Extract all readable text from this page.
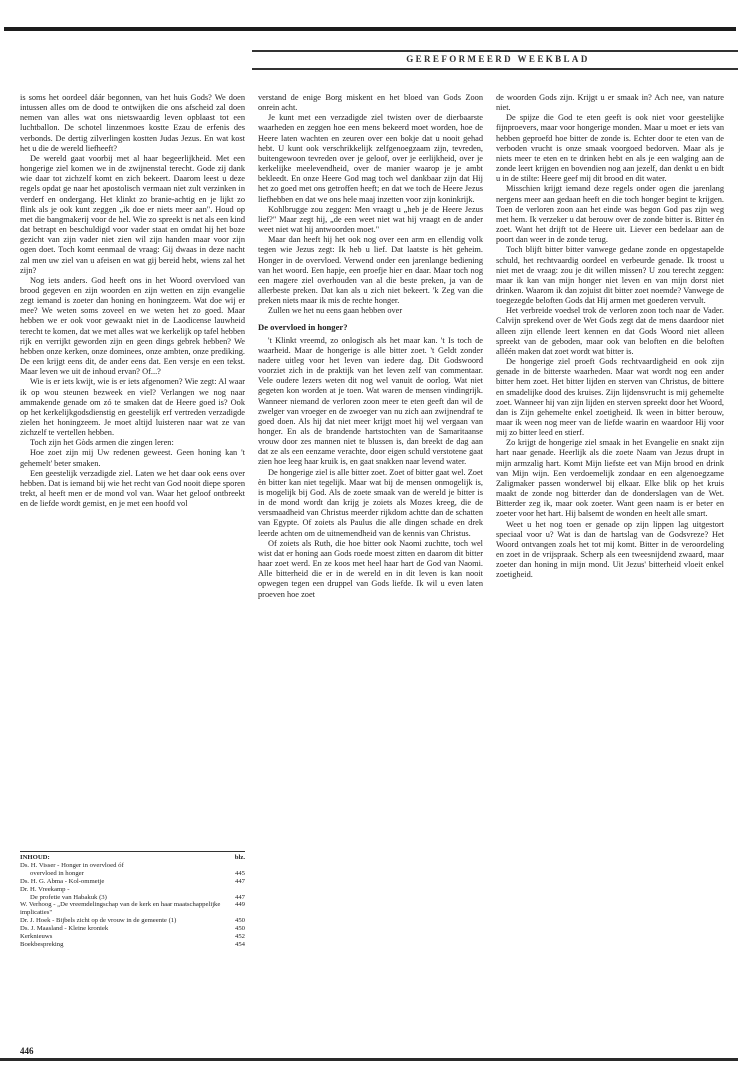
GEREFORMEERD WEEKBLAD

is soms het oordeel dáár begonnen, van het huis Gods? We doen intussen alles om de dood te ontwijken die ons afscheid zal doen nemen van alles wat ons nietswaardig leven opblaast tot een luchtballon. De schotel linzenmoes kostte Ezau de erfenis des verbonds. De dertig zilverlingen kostten Judas Jezus. En wat kost het u die de wereld liefheeft?

De wereld gaat voorbij met al haar begeerlijkheid. Met een hongerige ziel komen we in de zwijnenstal terecht. Gode zij dank wie daar tot zichzelf komt en zich bekeert. Daarom leest u deze regels opdat ge naar het apostolisch vermaan niet zult verzinken in verderf en ondergang. Het klinkt zo branie-achtig en je lijkt zo flink als je ook kunt zeggen „ik doe er niets meer aan". Houd op met die bangmakerij voor de hel. Wie zo spreekt is net als een kind dat betrapt en beschuldigd voor vader staat en omdat hij het boze gezicht van zijn vader niet zien wil zijn handen maar voor zijn ogen doet. Toch komt eenmaal de vraag: Gij dwaas in deze nacht zal men uw ziel van u afeisen en wat gij bereid hebt, wiens zal het zijn?

Nog iets anders. God heeft ons in het Woord overvloed van brood gegeven en zijn woorden en zijn wetten en zijn evangelie zegt iemand is zoeter dan honing en honingzeem. Wat doe wij er mee? We weten soms zoveel en we weten het zo goed. Maar hebben we er ook voor gewaakt niet in de Laodicense lauwheid terecht te komen, dat we met alles wat we kerkelijk op tafel hebben rijk en verrijkt geworden zijn en geen dings gebrek hebben? We hebben onze kerken, onze dominees, onze ambten, onze prediking. De een krijgt eens dit, de ander eens dat. Een versje en een tekst. Maar leven we uit de inhoud ervan? Of...?

Wie is er iets kwijt, wie is er iets afgenomen? Wie zegt: Al waar ik op wou steunen bezweek en viel? Verlangen we nog naar ammakende genade om zó te smaken dat de Heere goed is? Ook op het kerkelijkgodsdienstig en geestelijk erf vertreden verzadigde zielen het honingzeem. Je moet altijd luisteren naar wat ze van zichzelf te vertellen hebben.

Toch zijn het Gòds armen die zingen leren:

Hoe zoet zijn mij Uw redenen geweest. Geen honing kan 't gehemelt' beter smaken.

Een geestelijk verzadigde ziel. Laten we het daar ook eens over hebben. Dat is iemand bij wie het recht van God nooit diepe sporen trekt, al heeft men er de mond vol van. Waar het geloof ontbreekt en de liefde wordt gemist, en je met een hoofd vol

verstand de enige Borg miskent en het bloed van Gods Zoon onrein acht.

Je kunt met een verzadigde ziel twisten over de dierbaarste waarheden en zeggen hoe een mens bekeerd moet worden, hoe de Heere laten wachten en zeuren over een bokje dat u nooit gehad hebt. U kunt ook verschrikkelijk zelfgenoegzaam zijn, tevreden, buitengewoon tevreden over je geloof, over je eerlijkheid, over je kerkelijke meelevendheid, over de manier waarop je je ambt bekleedt. En onze Heere God mag toch wel dankbaar zijn dat Hij het zo goed met ons getroffen heeft; en dat we toch de Heere Jezus liefhebben en dat we ons hele maaj inzetten voor zijn koninkrijk.

Kohlbrugge zou zeggen: Men vraagt u „heb je de Heere Jezus lief?" Maar zegt hij, „de een weet niet wat hij vraagt en de ander weet niet wat hij antwoorden moet."

Maar dan heeft hij het ook nog over een arm en ellendig volk tegen wie Jezus zegt: Ik heb u lief. Dat laatste is hèt geheim. Honger in de overvloed. Verwend onder een jarenlange bediening van het woord. Een hapje, een proefje hier en daar. Maar toch nog een magere ziel overhouden van al die beste preken, ja van de allerbeste preken. Dat kan als u zich niet bekeert. 'k Zeg van die preken niets maar ik mis de rechte honger.

Zullen we het nu eens gaan hebben over

De overvloed in honger?

't Klinkt vreemd, zo onlogisch als het maar kan. 't Is toch de waarheid. Maar de hongerige is alle bitter zoet. 't Geldt zonder nadere uitleg voor het leven van iedere dag. Dit Godswoord voorziet zich in de praktijk van het leven zelf van commentaar. Vele oudere lezers weten dit nog wel vanuit de oorlog. Wat niet gegeten kon worden at je toen. Wat waren de mensen vindingrijk. Wanneer niemand de verloren zoon meer te eten geeft dan wil de zwelger van vroeger en de zwoeger van nu zich aan zwijnendraf te goed doen. Als hij dat niet meer krijgt moet hij wel vergaan van honger. En als de brandende hartstochten van de Samaritaanse vrouw door zes mannen niet te blussen is, dan breekt de dag aan dat ze als een eenzame verachte, door eigen schuld verstotene gaat zien hoe leeg haar kruik is, en gaat snakken naar levend water.

De hongerige ziel is alle bitter zoet. Zoet of bitter gaat wel. Zoet èn bitter kan niet tegelijk. Maar wat bij de mensen onmogelijk is, is mogelijk bij God. Als de zoete smaak van de wereld je bitter is in de mond wordt dan krijg je zoiets als Mozes kreeg, die de versmaadheid van Christus meerder rijkdom achtte dan de schatten van Egypte. Of zoiets als Paulus die alle dingen schade en drek leerde achten om de uitnemendheid van de kennis van Christus.

Of zoiets als Ruth, die hoe bitter ook Naomi zuchtte, toch wel wist dat er honing aan Gods roede moest zitten en daarom dit bitter haar zoet werd. En ze koos met heel haar hart de God van Naomi. Alle bitterheid die er in de wereld en in dit leven is kan nooit opwegen tegen een druppel van Gods liefde. Ik wil u even laten proeven hoe zoet

de woorden Gods zijn. Krijgt u er smaak in? Ach nee, van nature niet.

De spijze die God te eten geeft is ook niet voor geestelijke fijnproevers, maar voor hongerige monden. Maar u moet er iets van hebben geproefd hoe bitter de zonde is. Echter door te eten van de verboden vrucht is onze smaak voorgoed bedorven. Maar als je niets meer te eten en te drinken hebt en als je een walging aan de zonde leert krijgen en bovendien nog aan jezelf, dan denkt u en bidt u in de stilte: Heere geef mij dit brood en dit water.

Misschien krijgt iemand deze regels onder ogen die jarenlang nergens meer aan gedaan heeft en die toch honger begint te krijgen. Toen de verloren zoon aan het einde was begon God pas zijn weg met hem. Ik verzeker u dat berouw over de zonde bitter is. Bitter én zoet. Want het drijft tot de Heere uit. Liever een bedelaar aan de poort dan weer in de zonde terug.

Toch blijft bitter bitter vanwege gedane zonde en opgestapelde schuld, het rechtvaardig oordeel en verbeurde genade. Ik troost u niet met de vraag: zou je dit willen missen? U zou terecht zeggen: maar ik kan van mijn honger niet leven en van mijn dorst niet drinken. Waarom ik dan zojuist dit bitter zoet noemde? Vanwege de toegezegde beloften Gods dat Hij armen met goederen vervult.

Het verbreide voedsel trok de verloren zoon toch naar de Vader. Calvijn sprekend over de Wet Gods zegt dat de mens daardoor niet alleen zijn ellende leert kennen en dat Gods Woord niet alleen spreekt van de geboden, maar ook van beloften en die beloften alléén maken dat zoet wordt wat bitter is.

De hongerige ziel proeft Gods rechtvaardigheid en ook zijn genade in de bitterste waarheden. Maar wat wordt nog een ander bitter hem zoet. Het bitter lijden en sterven van Christus, de bittere en smadelijke dood des kruises. Zijn lijdensvrucht is mij gehemelte zoet. Wanneer hij van zijn lijden en sterven spreekt door het Woord, dan is Zijn gehemelte enkel zoetigheid. Ik ween in bitter berouw, maar ik ween nog meer van de liefde waarin en waardoor Hij voor mij zo bitter leed en stierf.

Zo krijgt de hongerige ziel smaak in het Evangelie en snakt zijn hart naar genade. Heerlijk als die zoete Naam van Jezus drupt in mijn armzalig hart. Komt Mijn liefste eet van Mijn brood en drink van Mijn wijn. Een verdoemelijk zondaar en een algenoegzame Zaligmaker passen wonderwel bij elkaar. Elke blik op het kruis maakt de zonde nog bitterder dan de donderslagen van de Wet. Bitterder zeg ik, maar ook zoeter. Want geen naam is er beter en zoeter voor het hart. Hij balsemt de wonden en heelt alle smart.

Weet u het nog toen er genade op zijn lippen lag uitgestort speciaal voor u? Wat is dan de hartslag van de Godsvreze? Het Woord ontvangen zoals het tot mij komt. Bitter in de veroordeling en zoet in de vrijspraak. Scherp als een tweesnijdend zwaard, maar zoeter dan honing in mijn mond. Uit Jezus' bitterheid vloeit enkel zoetigheid.

INHOUD:	blz.
Ds. H. Visser - Honger in overvloed óf
overvloed in honger	445
Ds. H. G. Abma - Kol-ommetje	447
Dr. H. Vreekamp -
De profetie van Habakuk (3)	447
W. Verhoog - „De vreemdelingschap van de kerk en haar maatschappelijke implicaties"
449
Dr. J. Hoek - Bijbels zicht op de vrouw in de gemeente (1)	450
Ds. J. Maasland - Kleine kroniek	450
Kerknieuws	452
Boekbespreking	454
446
